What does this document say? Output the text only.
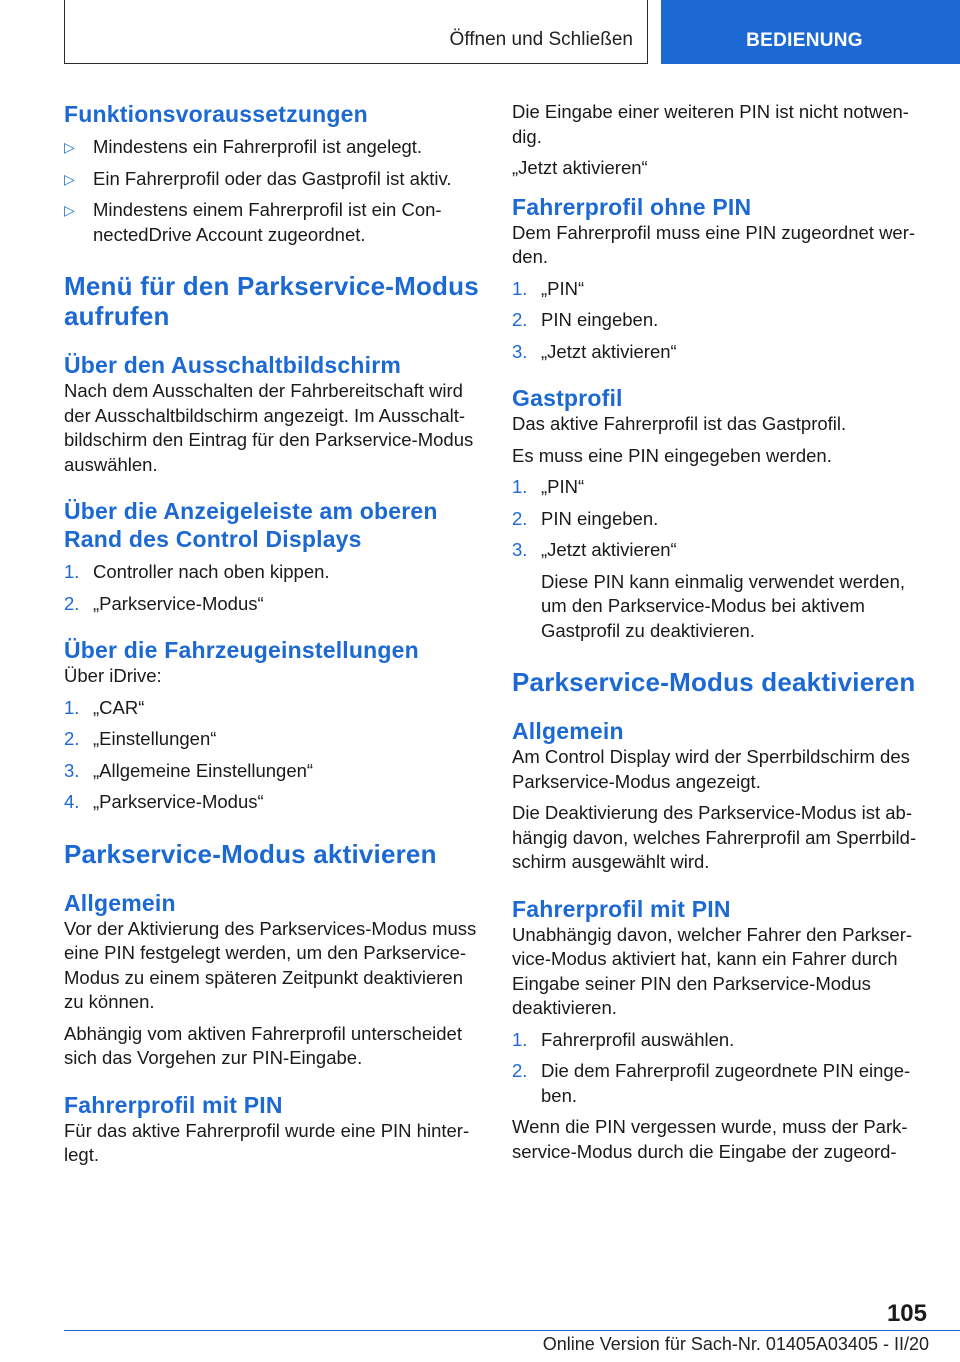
Öffnen und Schließen	BEDIENUNG
Funktionsvoraussetzungen
▷ Mindestens ein Fahrerprofil ist angelegt.
▷ Ein Fahrerprofil oder das Gastprofil ist aktiv.
▷ Mindestens einem Fahrerprofil ist ein ConnectedDrive Account zugeordnet.
Menü für den Parkservice-Modus aufrufen
Über den Ausschaltbildschirm

Nach dem Ausschalten der Fahrbereitschaft wird der Ausschaltbildschirm angezeigt. Im Ausschaltbildschirm den Eintrag für den Parkservice-Modus auswählen.

Über die Anzeigeleiste am oberen Rand des Control Displays
1. Controller nach oben kippen.
2. „Parkservice-Modus“
Über die Fahrzeugeinstellungen

Über iDrive:

1. „CAR“
2. „Einstellungen“
3. „Allgemeine Einstellungen“
4. „Parkservice-Modus“
Parkservice-Modus aktivieren
Allgemein

Vor der Aktivierung des Parkservices-Modus muss eine PIN festgelegt werden, um den Parkservice-Modus zu einem späteren Zeitpunkt deaktivieren zu können.

Abhängig vom aktiven Fahrerprofil unterscheidet sich das Vorgehen zur PIN-Eingabe.

Fahrerprofil mit PIN

Für das aktive Fahrerprofil wurde eine PIN hinterlegt.

Die Eingabe einer weiteren PIN ist nicht notwendig.

„Jetzt aktivieren“

Fahrerprofil ohne PIN

Dem Fahrerprofil muss eine PIN zugeordnet werden.

1. „PIN“
2. PIN eingeben.
3. „Jetzt aktivieren“
Gastprofil

Das aktive Fahrerprofil ist das Gastprofil.

Es muss eine PIN eingegeben werden.

1. „PIN“
2. PIN eingeben.
3. „Jetzt aktivieren“

Diese PIN kann einmalig verwendet werden, um den Parkservice-Modus bei aktivem Gastprofil zu deaktivieren.

Parkservice-Modus deaktivieren
Allgemein

Am Control Display wird der Sperrbildschirm des Parkservice-Modus angezeigt.

Die Deaktivierung des Parkservice-Modus ist abhängig davon, welches Fahrerprofil am Sperrbildschirm ausgewählt wird.

Fahrerprofil mit PIN

Unabhängig davon, welcher Fahrer den Parkservice-Modus aktiviert hat, kann ein Fahrer durch Eingabe seiner PIN den Parkservice-Modus deaktivieren.

1. Fahrerprofil auswählen.
2. Die dem Fahrerprofil zugeordnete PIN eingeben.

Wenn die PIN vergessen wurde, muss der Parkservice-Modus durch die Eingabe der zugeord-

105
Online Version für Sach-Nr. 01405A03405 - II/20
